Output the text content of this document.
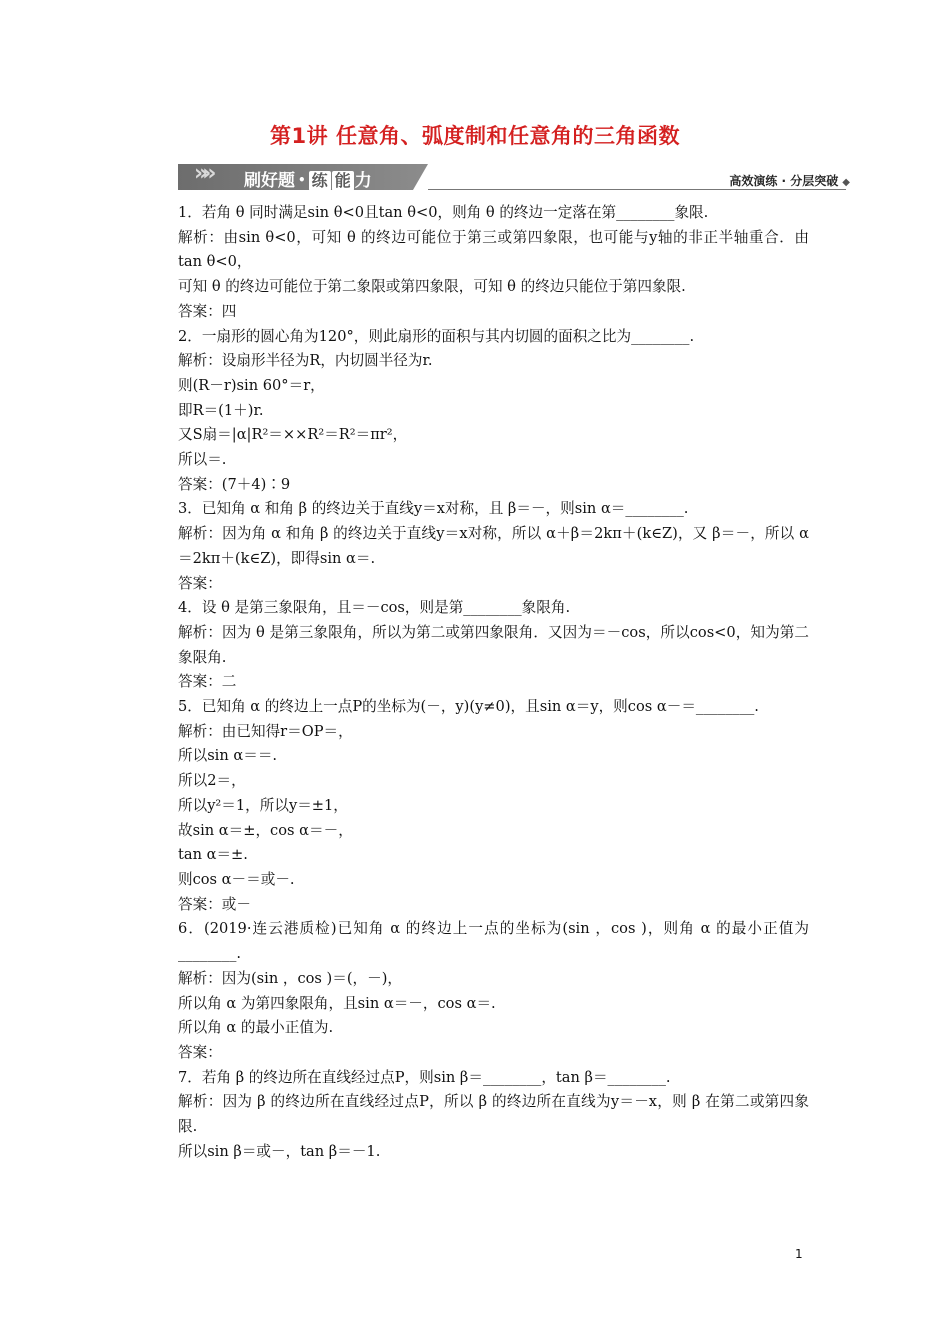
第1讲 任意角、弧度制和任意角的三角函数
»» 刷好题 • 练 能 力	高效演练 · 分层突破 ◆
1．若角 θ 同时满足sin θ<0且tan θ<0，则角 θ 的终边一定落在第________象限.
解析：由sin θ<0，可知 θ 的终边可能位于第三或第四象限，也可能与y轴的非正半轴重合．由tan θ<0，
可知 θ 的终边可能位于第二象限或第四象限，可知 θ 的终边只能位于第四象限.
答案：四
2．一扇形的圆心角为120°，则此扇形的面积与其内切圆的面积之比为________.
解析：设扇形半径为R，内切圆半径为r.
则(R－r)sin 60°＝r，
即R＝(1＋)r.
又S扇＝|α|R²＝××R²＝R²＝πr²，
所以＝.
答案：(7＋4)∶9
3．已知角 α 和角 β 的终边关于直线y＝x对称，且 β＝－，则sin α＝________.
解析：因为角 α 和角 β 的终边关于直线y＝x对称，所以 α＋β＝2kπ＋(k∈Z)，又 β＝－，所以 α＝2kπ＋(k∈Z)，即得sin α＝.
答案：
4．设 θ 是第三象限角，且＝－cos，则是第________象限角.
解析：因为 θ 是第三象限角，所以为第二或第四象限角．又因为＝－cos，所以cos<0，知为第二象限角.
答案：二
5．已知角 α 的终边上一点P的坐标为(－，y)(y≠0)，且sin α＝y，则cos α－＝________.
解析：由已知得r＝OP＝，
所以sin α＝＝.
所以2＝，
所以y²＝1，所以y＝±1，
故sin α＝±，cos α＝－，
tan α＝±.
则cos α－＝或－.
答案：或－
6．(2019·连云港质检)已知角 α 的终边上一点的坐标为(sin ，cos )，则角 α 的最小正值为________.
解析：因为(sin ，cos )＝(，－)，
所以角 α 为第四象限角，且sin α＝－，cos α＝.
所以角 α 的最小正值为.
答案：
7．若角 β 的终边所在直线经过点P，则sin β＝________，tan β＝________.
解析：因为 β 的终边所在直线经过点P，所以 β 的终边所在直线为y＝－x，则 β 在第二或第四象限.
所以sin β＝或－，tan β＝－1.
1
